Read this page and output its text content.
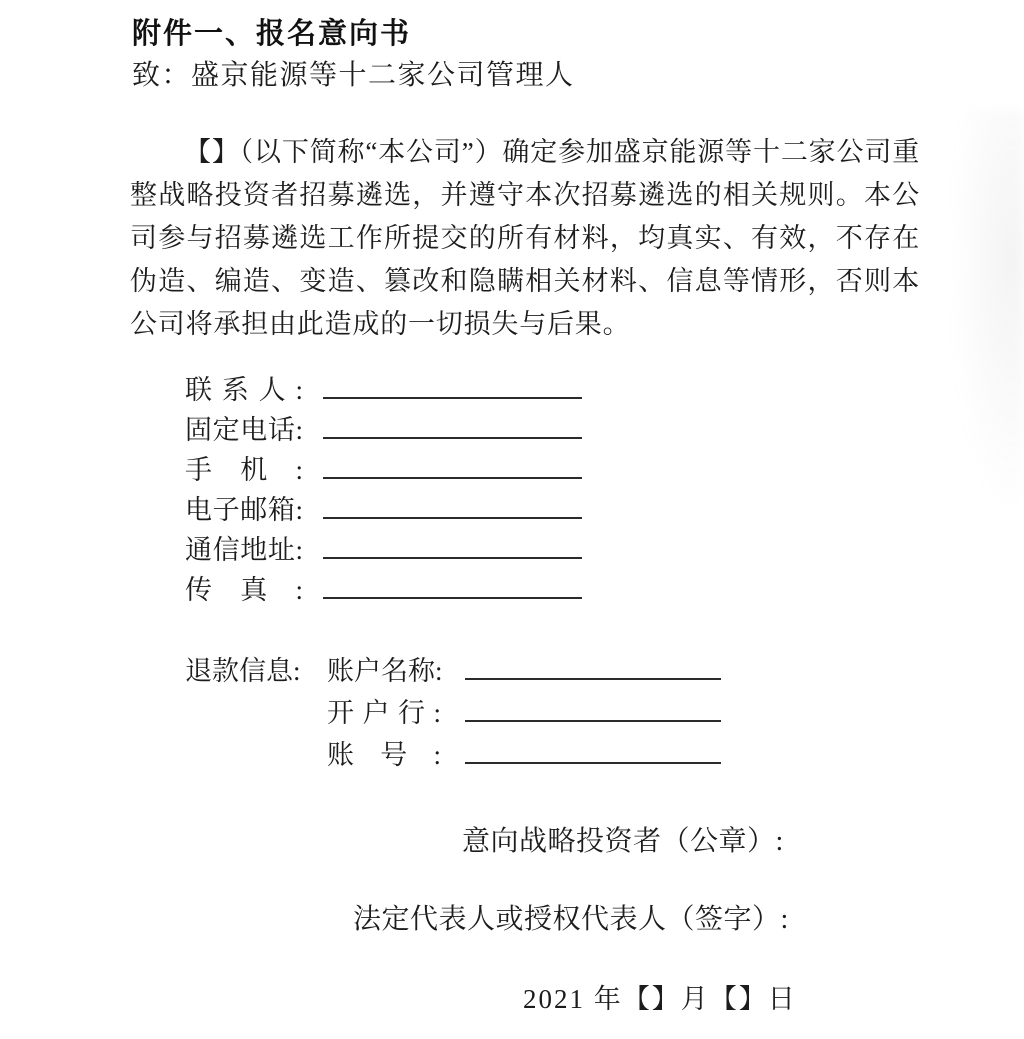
附件一、报名意向书
致：盛京能源等十二家公司管理人
【】（以下简称“本公司”）确定参加盛京能源等十二家公司重整战略投资者招募遴选，并遵守本次招募遴选的相关规则。本公司参与招募遴选工作所提交的所有材料，均真实、有效，不存在伪造、编造、变造、篡改和隐瞒相关材料、信息等情形，否则本公司将承担由此造成的一切损失与后果。
联系人:
固定电话:
手机:
电子邮箱:
通信地址:
传真:
退款信息: 账户名称:
开户行:
账号:
意向战略投资者（公章）:
法定代表人或授权代表人（签字）:
2021 年【】月【】日
